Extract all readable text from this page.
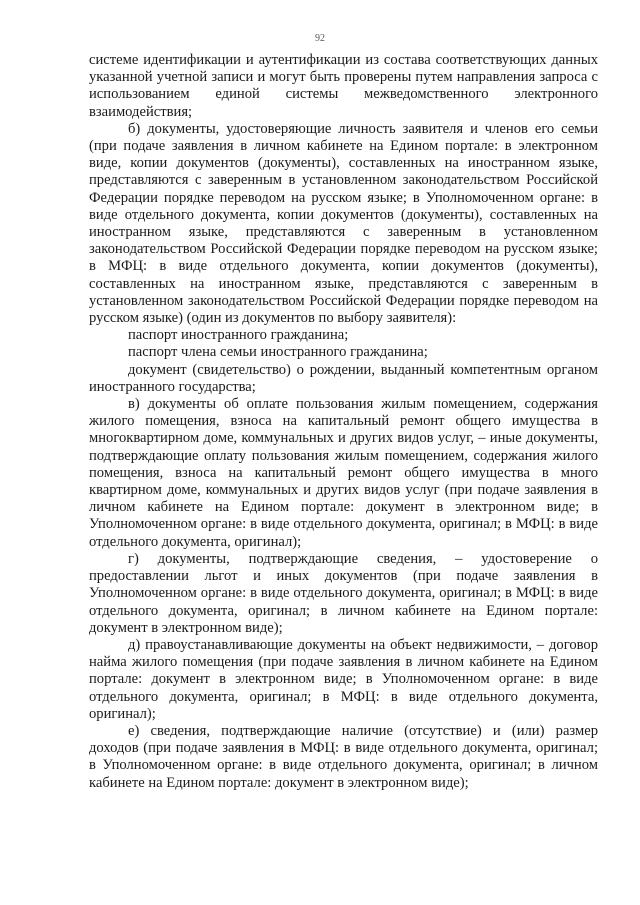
92

системе идентификации и аутентификации из состава соответствующих данных указанной учетной записи и могут быть проверены путем направления запроса с использованием единой системы межведомственного электронного взаимодействия;

б) документы, удостоверяющие личность заявителя и членов его семьи (при подаче заявления в личном кабинете на Едином портале: в электронном виде, копии документов (документы), составленных на иностранном языке, представляются с заверенным в установленном законодательством Российской Федерации порядке переводом на русском языке; в Уполномоченном органе: в виде отдельного документа, копии документов (документы), составленных на иностранном языке, представляются с заверенным в установленном законодательством Российской Федерации порядке переводом на русском языке; в МФЦ: в виде отдельного документа, копии документов (документы), составленных на иностранном языке, представляются с заверенным в установленном законодательством Российской Федерации порядке переводом на русском языке) (один из документов по выбору заявителя):

паспорт иностранного гражданина;

паспорт члена семьи иностранного гражданина;

документ (свидетельство) о рождении, выданный компетентным органом иностранного государства;

в) документы об оплате пользования жилым помещением, содержания жилого помещения, взноса на капитальный ремонт общего имущества в многоквартирном доме, коммунальных и других видов услуг, – иные документы, подтверждающие оплату пользования жилым помещением, содержания жилого помещения, взноса на капитальный ремонт общего имущества в много квартирном доме, коммунальных и других видов услуг (при подаче заявления в личном кабинете на Едином портале: документ в электронном виде; в Уполномоченном органе: в виде отдельного документа, оригинал; в МФЦ: в виде отдельного документа, оригинал);

г) документы, подтверждающие сведения, – удостоверение о предоставлении льгот и иных документов (при подаче заявления в Уполномоченном органе: в виде отдельного документа, оригинал; в МФЦ: в виде отдельного документа, оригинал; в личном кабинете на Едином портале: документ в электронном виде);

д) правоустанавливающие документы на объект недвижимости, – договор найма жилого помещения (при подаче заявления в личном кабинете на Едином портале: документ в электронном виде; в Уполномоченном органе: в виде отдельного документа, оригинал; в МФЦ: в виде отдельного документа, оригинал);

е) сведения, подтверждающие наличие (отсутствие) и (или) размер доходов (при подаче заявления в МФЦ: в виде отдельного документа, оригинал; в Уполномоченном органе: в виде отдельного документа, оригинал; в личном кабинете на Едином портале: документ в электронном виде);
